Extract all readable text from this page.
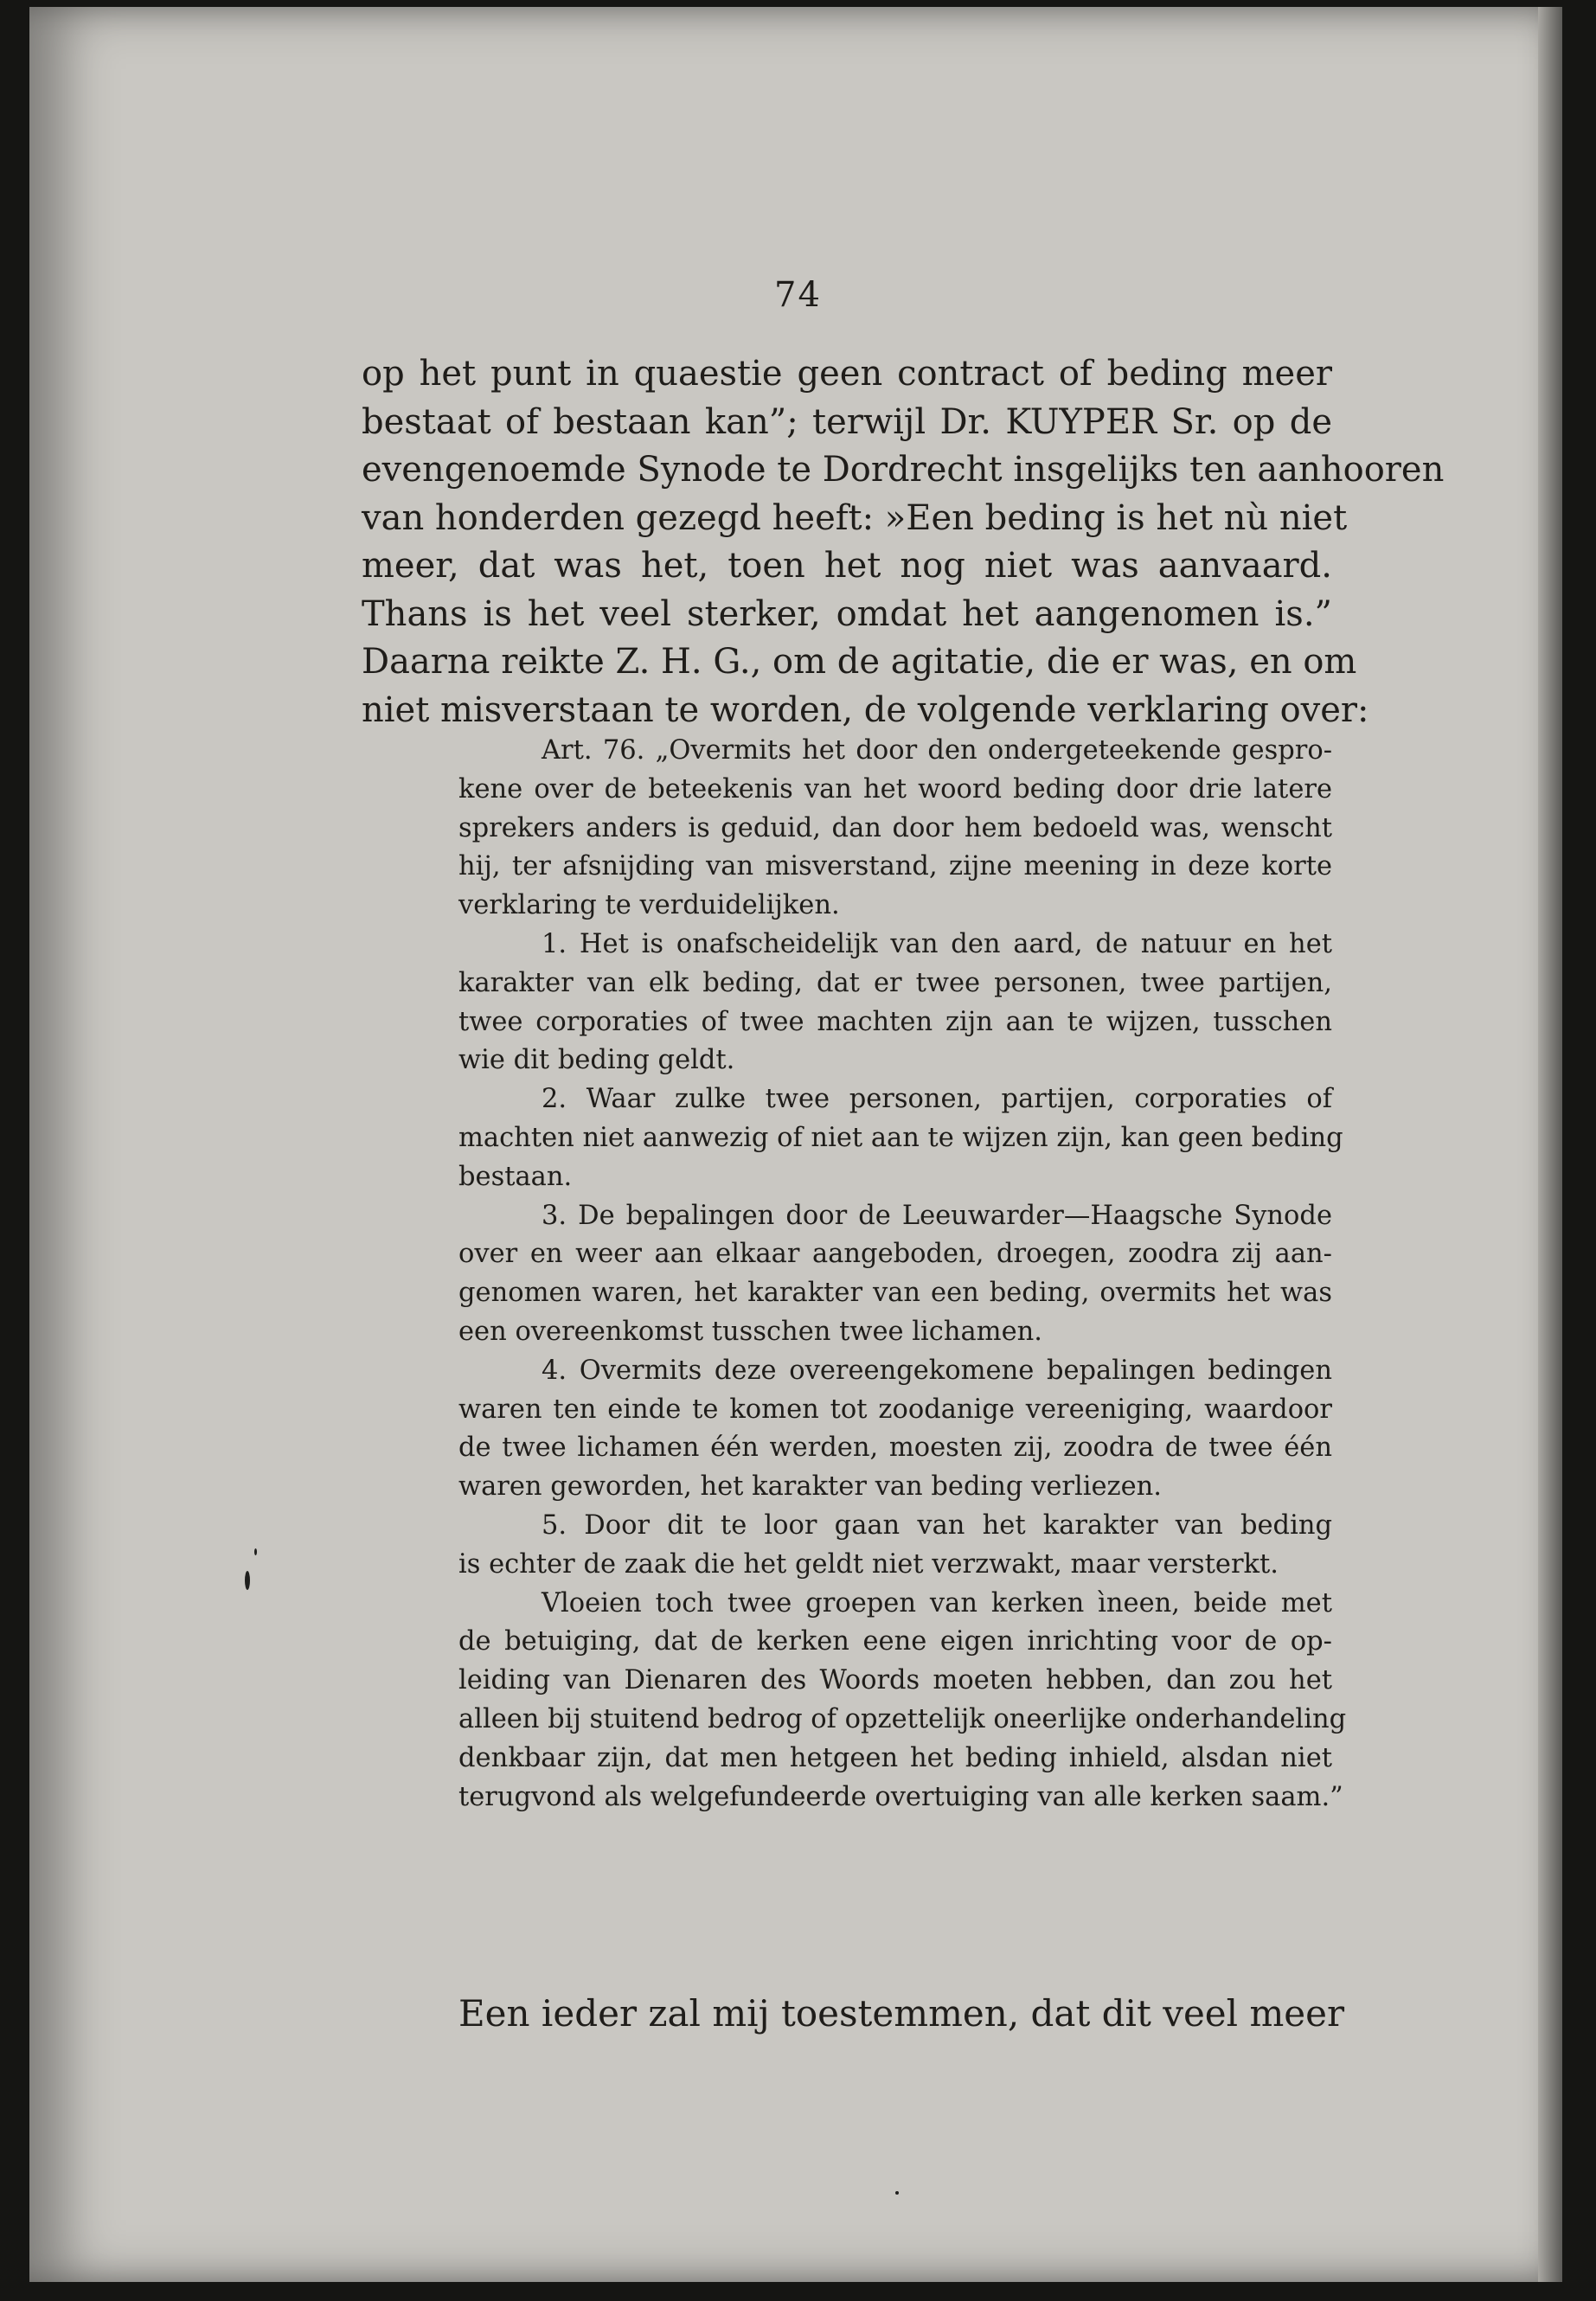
74

op het punt in quaestie geen contract of beding meer

bestaat of bestaan kan”; terwijl Dr. KUYPER Sr. op de

evengenoemde Synode te Dordrecht insgelijks ten aanhooren

van honderden gezegd heeft: »Een beding is het nù niet

meer, dat was het, toen het nog niet was aanvaard.

Thans is het veel sterker, omdat het aangenomen is.”

Daarna reikte Z. H. G., om de agitatie, die er was, en om

niet misverstaan te worden, de volgende verklaring over:

Art. 76. „Overmits het door den ondergeteekende gespro-

kene over de beteekenis van het woord beding door drie latere

sprekers anders is geduid, dan door hem bedoeld was, wenscht

hij, ter afsnijding van misverstand, zijne meening in deze korte

verklaring te verduidelijken.

1. Het is onafscheidelijk van den aard, de natuur en het

karakter van elk beding, dat er twee personen, twee partijen,

twee corporaties of twee machten zijn aan te wijzen, tusschen

wie dit beding geldt.

2. Waar zulke twee personen, partijen, corporaties of

machten niet aanwezig of niet aan te wijzen zijn, kan geen beding

bestaan.

3. De bepalingen door de Leeuwarder—Haagsche Synode

over en weer aan elkaar aangeboden, droegen, zoodra zij aan-

genomen waren, het karakter van een beding, overmits het was

een overeenkomst tusschen twee lichamen.

4. Overmits deze overeengekomene bepalingen bedingen

waren ten einde te komen tot zoodanige vereeniging, waardoor

de twee lichamen één werden, moesten zij, zoodra de twee één

waren geworden, het karakter van beding verliezen.

5. Door dit te loor gaan van het karakter van beding

is echter de zaak die het geldt niet verzwakt, maar versterkt.

Vloeien toch twee groepen van kerken ìneen, beide met

de betuiging, dat de kerken eene eigen inrichting voor de op-

leiding van Dienaren des Woords moeten hebben, dan zou het

alleen bij stuitend bedrog of opzettelijk oneerlijke onderhandeling

denkbaar zijn, dat men hetgeen het beding inhield, alsdan niet

terugvond als welgefundeerde overtuiging van alle kerken saam.”

Een ieder zal mij toestemmen, dat dit veel meer
